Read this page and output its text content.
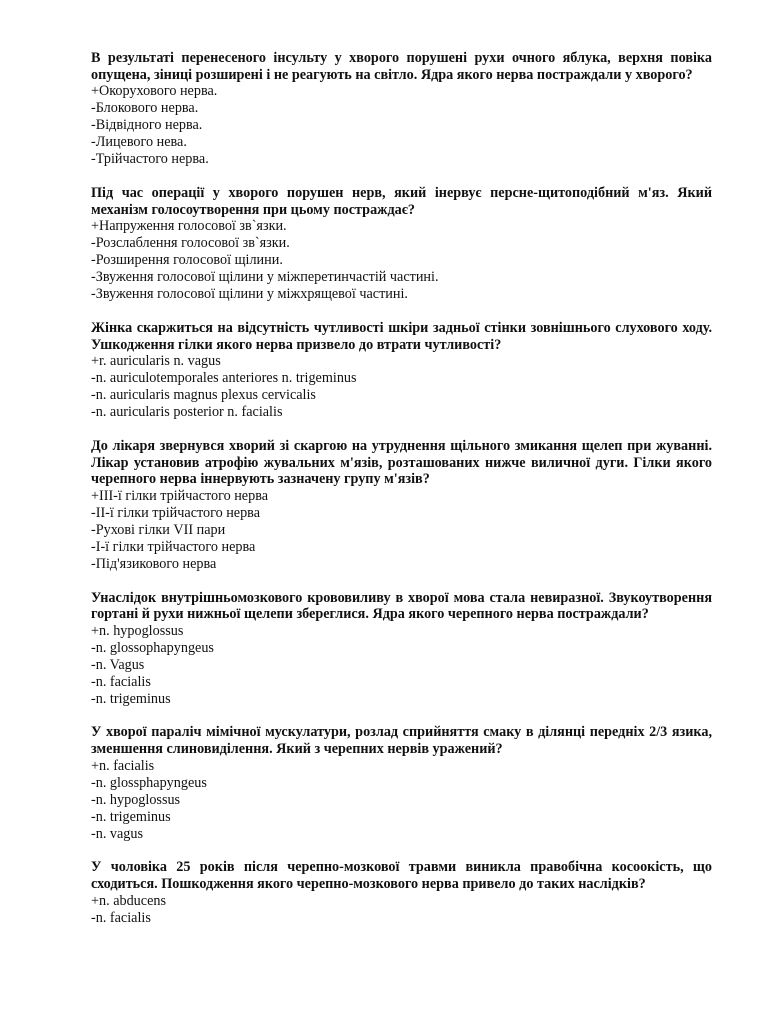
В результаті перенесеного інсульту у хворого порушені рухи очного яблука, верхня повіка опущена, зіниці розширені і не реагують на світло. Ядра якого нерва постраждали у хворого?

+Окорухового нерва.
-Блокового нерва.
-Відвідного нерва.
-Лицевого нева.
-Трійчастого нерва.

Під час операції у хворого порушен нерв, який інервує персне-щитоподібний м'яз. Який механізм голосоутворення при цьому постраждає?

+Напруження голосової зв`язки.
-Розслаблення голосової зв`язки.
-Розширення голосової щілини.
-Звуження голосової щілини у міжперетинчастій частині.
-Звуження голосової щілини у міжхрящевої частині.

Жінка скаржиться на відсутність чутливості шкіри задньої стінки зовнішнього слухового ходу. Ушкодження гілки якого нерва призвело до втрати чутливості?

+r. auricularis n. vagus
-n. auriculotemporales anteriores n. trigeminus
-n. auricularis magnus plexus cervicalis
-n. auricularis posterior n. facialis

До лікаря звернувся хворий зі скаргою на утруднення щільного змикання щелеп при жуванні. Лікар установив атрофію жувальних м'язів, розташованих нижче виличної дуги. Гілки якого черепного нерва іннервують зазначену групу м'язів?

+III-ї гілки трійчастого нерва
-II-ї гілки трійчастого нерва
-Рухові гілки VII пари
-I-ї гілки трійчастого нерва
-Під'язикового нерва

Унаслідок внутрішньомозкового крововиливу в хворої мова стала невиразної. Звукоутворення гортані й рухи нижньої щелепи збереглися. Ядра якого черепного нерва постраждали?

+n. hypoglossus
-n. glossophapyngeus
-n. Vagus
-n. facialis
-n. trigeminus

У хворої параліч мімічної мускулатури, розлад сприйняття смаку в ділянці передніх 2/3 язика, зменшення слиновиділення. Який з черепних нервів уражений?

+n. facialis
-n. glossphapyngeus
-n. hypoglossus
-n. trigeminus
-n. vagus

У чоловіка 25 років після черепно-мозкової травми виникла правобічна косоокість, що сходиться. Пошкодження якого черепно-мозкового нерва привело до таких наслідків?

+n. abducens
-n. facialis
